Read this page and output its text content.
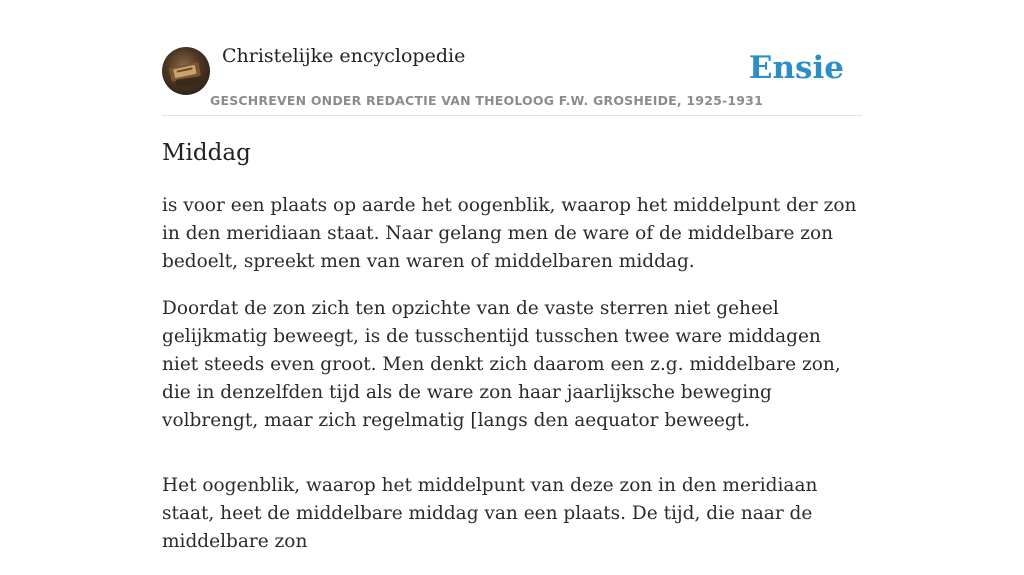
Christelijke encyclopedie
GESCHREVEN ONDER REDACTIE VAN THEOLOOG F.W. GROSHEIDE, 1925-1931
Ensie
Middag

is voor een plaats op aarde het oogenblik, waarop het middelpunt der zon in den meridiaan staat. Naar gelang men de ware of de middelbare zon bedoelt, spreekt men van waren of middelbaren middag.

Doordat de zon zich ten opzichte van de vaste sterren niet geheel gelijkmatig beweegt, is de tusschentijd tusschen twee ware middagen niet steeds even groot. Men denkt zich daarom een z.g. middelbare zon, die in denzelfden tijd als de ware zon haar jaarlijksche beweging volbrengt, maar zich regelmatig [langs den aequator beweegt.

Het oogenblik, waarop het middelpunt van deze zon in den meridiaan staat, heet de middelbare middag van een plaats. De tijd, die naar de middelbare zon
